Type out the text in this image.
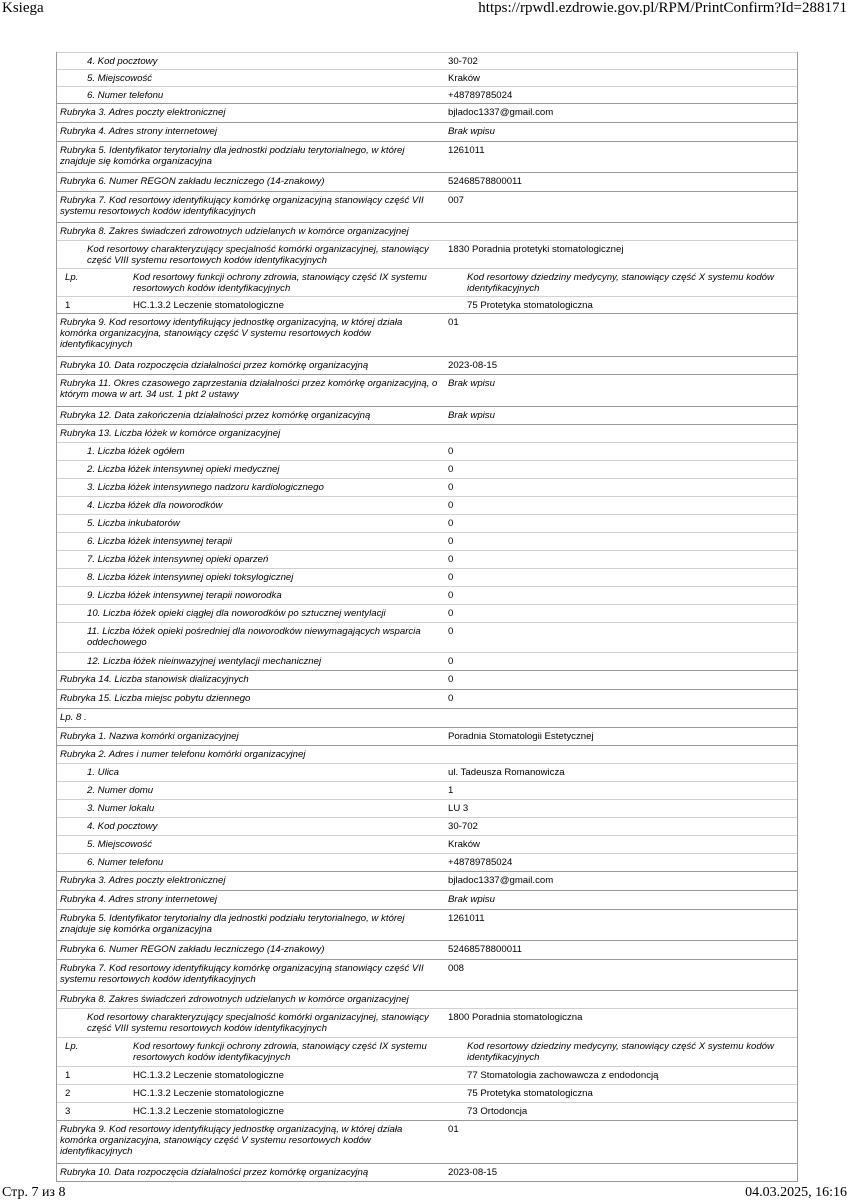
Ksiega	https://rpwdl.ezdrowie.gov.pl/RPM/PrintConfirm?Id=288171
4. Kod pocztowy	30-702
5. Miejscowość	Kraków
6. Numer telefonu	+48789785024
Rubryka 3. Adres poczty elektronicznej	bjladoc1337@gmail.com
Rubryka 4. Adres strony internetowej	Brak wpisu
Rubryka 5. Identyfikator terytorialny dla jednostki podziału terytorialnego, w której znajduje się komórka organizacyjna
1261011
Rubryka 6. Numer REGON zakładu leczniczego (14-znakowy)	52468578800011
Rubryka 7. Kod resortowy identyfikujący komórkę organizacyjną stanowiący część VII systemu resortowych kodów identyfikacyjnych
007
Rubryka 8. Zakres świadczeń zdrowotnych udzielanych w komórce organizacyjnej
Kod resortowy charakteryzujący specjalność komórki organizacyjnej, stanowiący część VIII systemu resortowych kodów identyfikacyjnych
1830 Poradnia protetyki stomatologicznej
Lp.	Kod resortowy funkcji ochrony zdrowia, stanowiący część IX systemu resortowych kodów identyfikacyjnych
Kod resortowy dziedziny medycyny, stanowiący część X systemu kodów identyfikacyjnych
1	HC.1.3.2 Leczenie stomatologiczne	75 Protetyka stomatologiczna
Rubryka 9. Kod resortowy identyfikujący jednostkę organizacyjną, w której działa komórka organizacyjna, stanowiący część V systemu resortowych kodów identyfikacyjnych
01
Rubryka 10. Data rozpoczęcia działalności przez komórkę organizacyjną	2023-08-15
Rubryka 11. Okres czasowego zaprzestania działalności przez komórkę organizacyjną, o którym mowa w art. 34 ust. 1 pkt 2 ustawy
Brak wpisu
Rubryka 12. Data zakończenia działalności przez komórkę organizacyjną	Brak wpisu
Rubryka 13. Liczba łóżek w komórce organizacyjnej
1. Liczba łóżek ogółem	0
2. Liczba łóżek intensywnej opieki medycznej	0
3. Liczba łóżek intensywnego nadzoru kardiologicznego	0
4. Liczba łóżek dla noworodków	0
5. Liczba inkubatorów	0
6. Liczba łóżek intensywnej terapii	0
7. Liczba łóżek intensywnej opieki oparzeń	0
8. Liczba łóżek intensywnej opieki toksylogicznej	0
9. Liczba łóżek intensywnej terapii noworodka	0
10. Liczba łóżek opieki ciągłej dla noworodków po sztucznej wentylacji	0
11. Liczba łóżek opieki pośredniej dla noworodków niewymagających wsparcia oddechowego
0
12. Liczba łóżek nieinwazyjnej wentylacji mechanicznej	0
Rubryka 14. Liczba stanowisk dializacyjnych	0
Rubryka 15. Liczba miejsc pobytu dziennego	0
Lp. 8 .
Rubryka 1. Nazwa komórki organizacyjnej	Poradnia Stomatologii Estetycznej
Rubryka 2. Adres i numer telefonu komórki organizacyjnej
1. Ulica	ul. Tadeusza Romanowicza
2. Numer domu	1
3. Numer lokalu	LU 3
4. Kod pocztowy	30-702
5. Miejscowość	Kraków
6. Numer telefonu	+48789785024
Rubryka 3. Adres poczty elektronicznej	bjladoc1337@gmail.com
Rubryka 4. Adres strony internetowej	Brak wpisu
Rubryka 5. Identyfikator terytorialny dla jednostki podziału terytorialnego, w której znajduje się komórka organizacyjna
1261011
Rubryka 6. Numer REGON zakładu leczniczego (14-znakowy)	52468578800011
Rubryka 7. Kod resortowy identyfikujący komórkę organizacyjną stanowiący część VII systemu resortowych kodów identyfikacyjnych
008
Rubryka 8. Zakres świadczeń zdrowotnych udzielanych w komórce organizacyjnej
Kod resortowy charakteryzujący specjalność komórki organizacyjnej, stanowiący część VIII systemu resortowych kodów identyfikacyjnych
1800 Poradnia stomatologiczna
Lp.	Kod resortowy funkcji ochrony zdrowia, stanowiący część IX systemu resortowych kodów identyfikacyjnych
Kod resortowy dziedziny medycyny, stanowiący część X systemu kodów identyfikacyjnych
1	HC.1.3.2 Leczenie stomatologiczne	77 Stomatologia zachowawcza z endodoncją
2	HC.1.3.2 Leczenie stomatologiczne	75 Protetyka stomatologiczna
3	HC.1.3.2 Leczenie stomatologiczne	73 Ortodoncja
Rubryka 9. Kod resortowy identyfikujący jednostkę organizacyjną, w której działa komórka organizacyjna, stanowiący część V systemu resortowych kodów identyfikacyjnych
01
Rubryka 10. Data rozpoczęcia działalności przez komórkę organizacyjną	2023-08-15
Стр. 7 из 8	04.03.2025, 16:16
